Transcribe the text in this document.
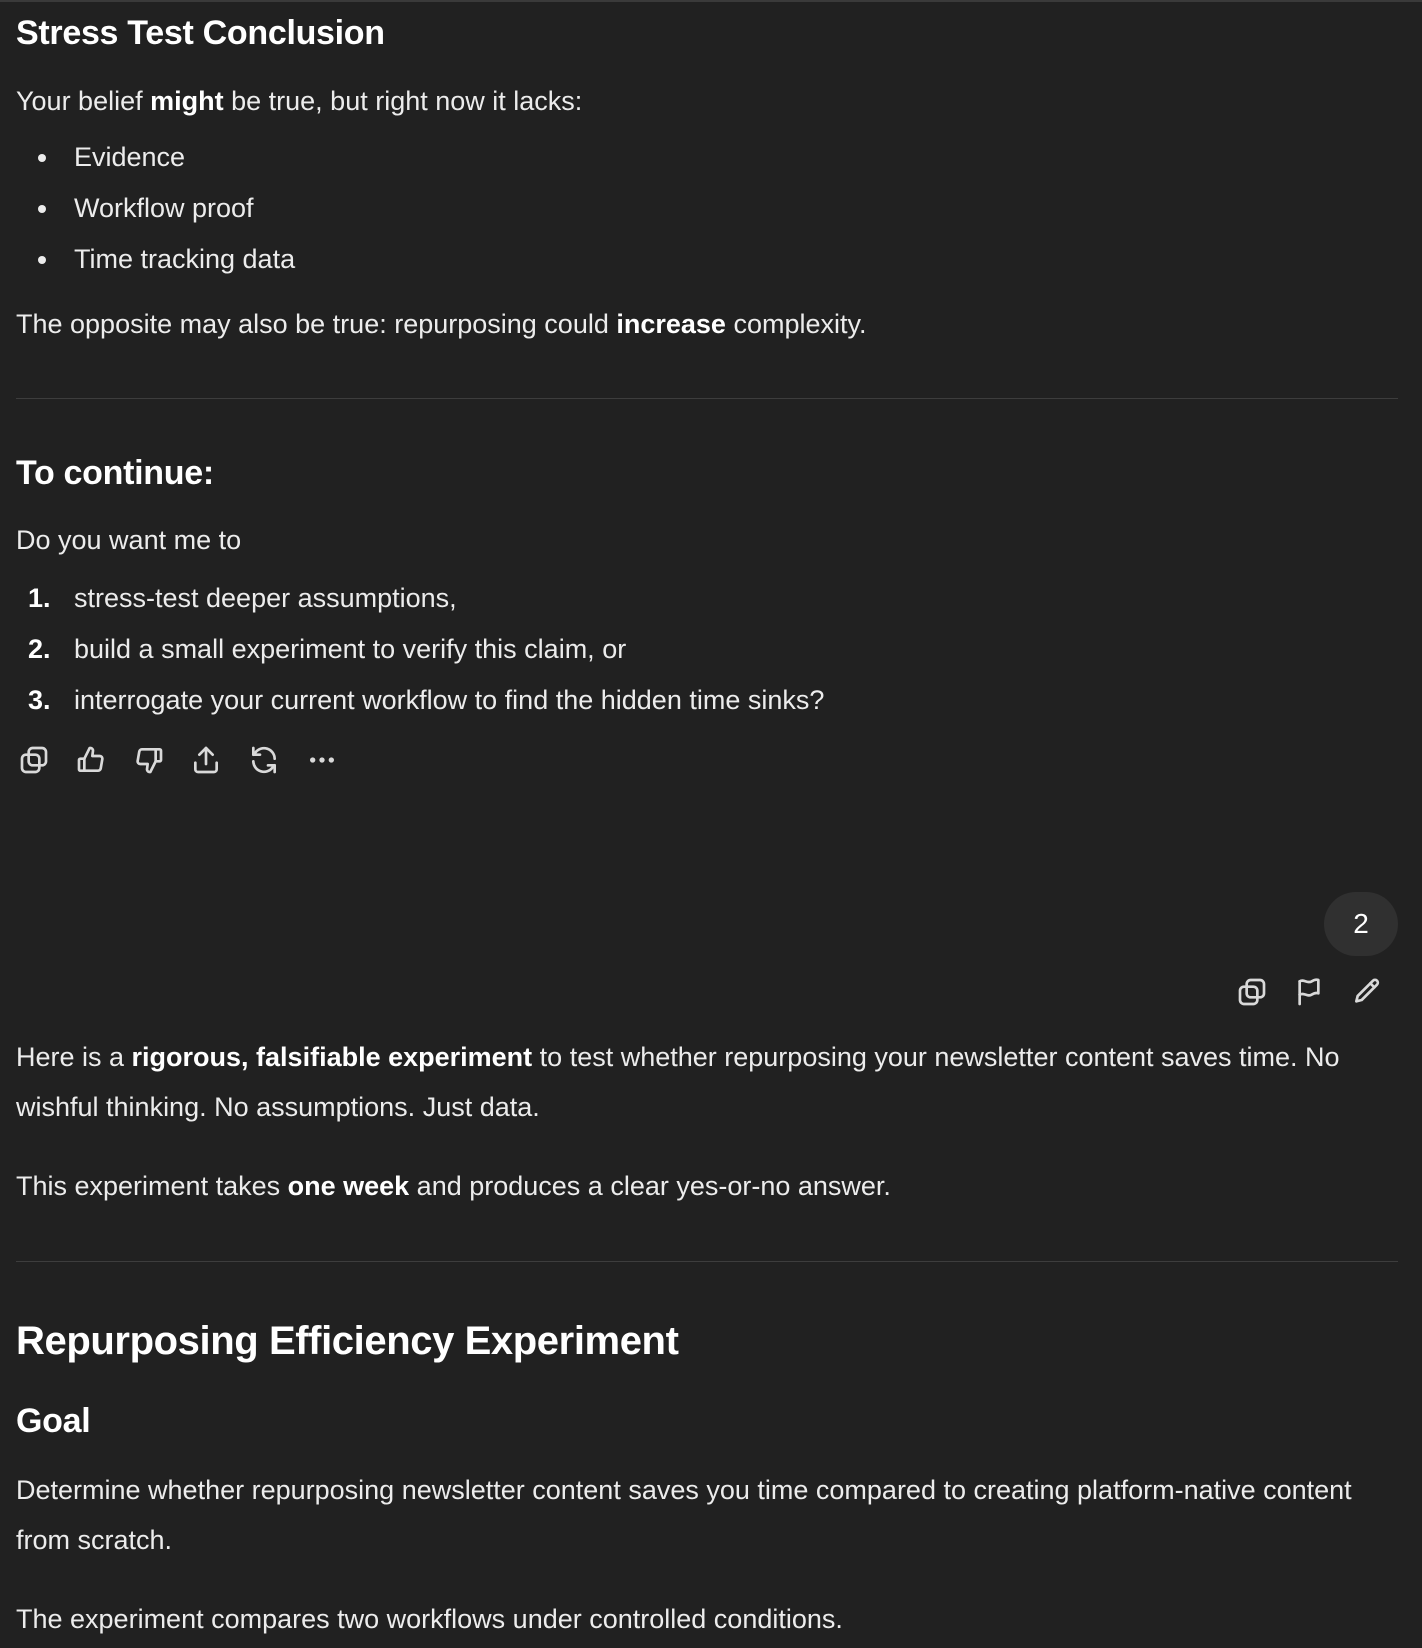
Stress Test Conclusion

Your belief might be true, but right now it lacks:

Evidence
Workflow proof
Time tracking data

The opposite may also be true: repurposing could increase complexity.

To continue:

Do you want me to

1. stress-test deeper assumptions,
2. build a small experiment to verify this claim, or
3. interrogate your current workflow to find the hidden time sinks?
2

Here is a rigorous, falsifiable experiment to test whether repurposing your newsletter content saves time. No wishful thinking. No assumptions. Just data.

This experiment takes one week and produces a clear yes-or-no answer.

Repurposing Efficiency Experiment
Goal

Determine whether repurposing newsletter content saves you time compared to creating platform-native content from scratch.

The experiment compares two workflows under controlled conditions.
